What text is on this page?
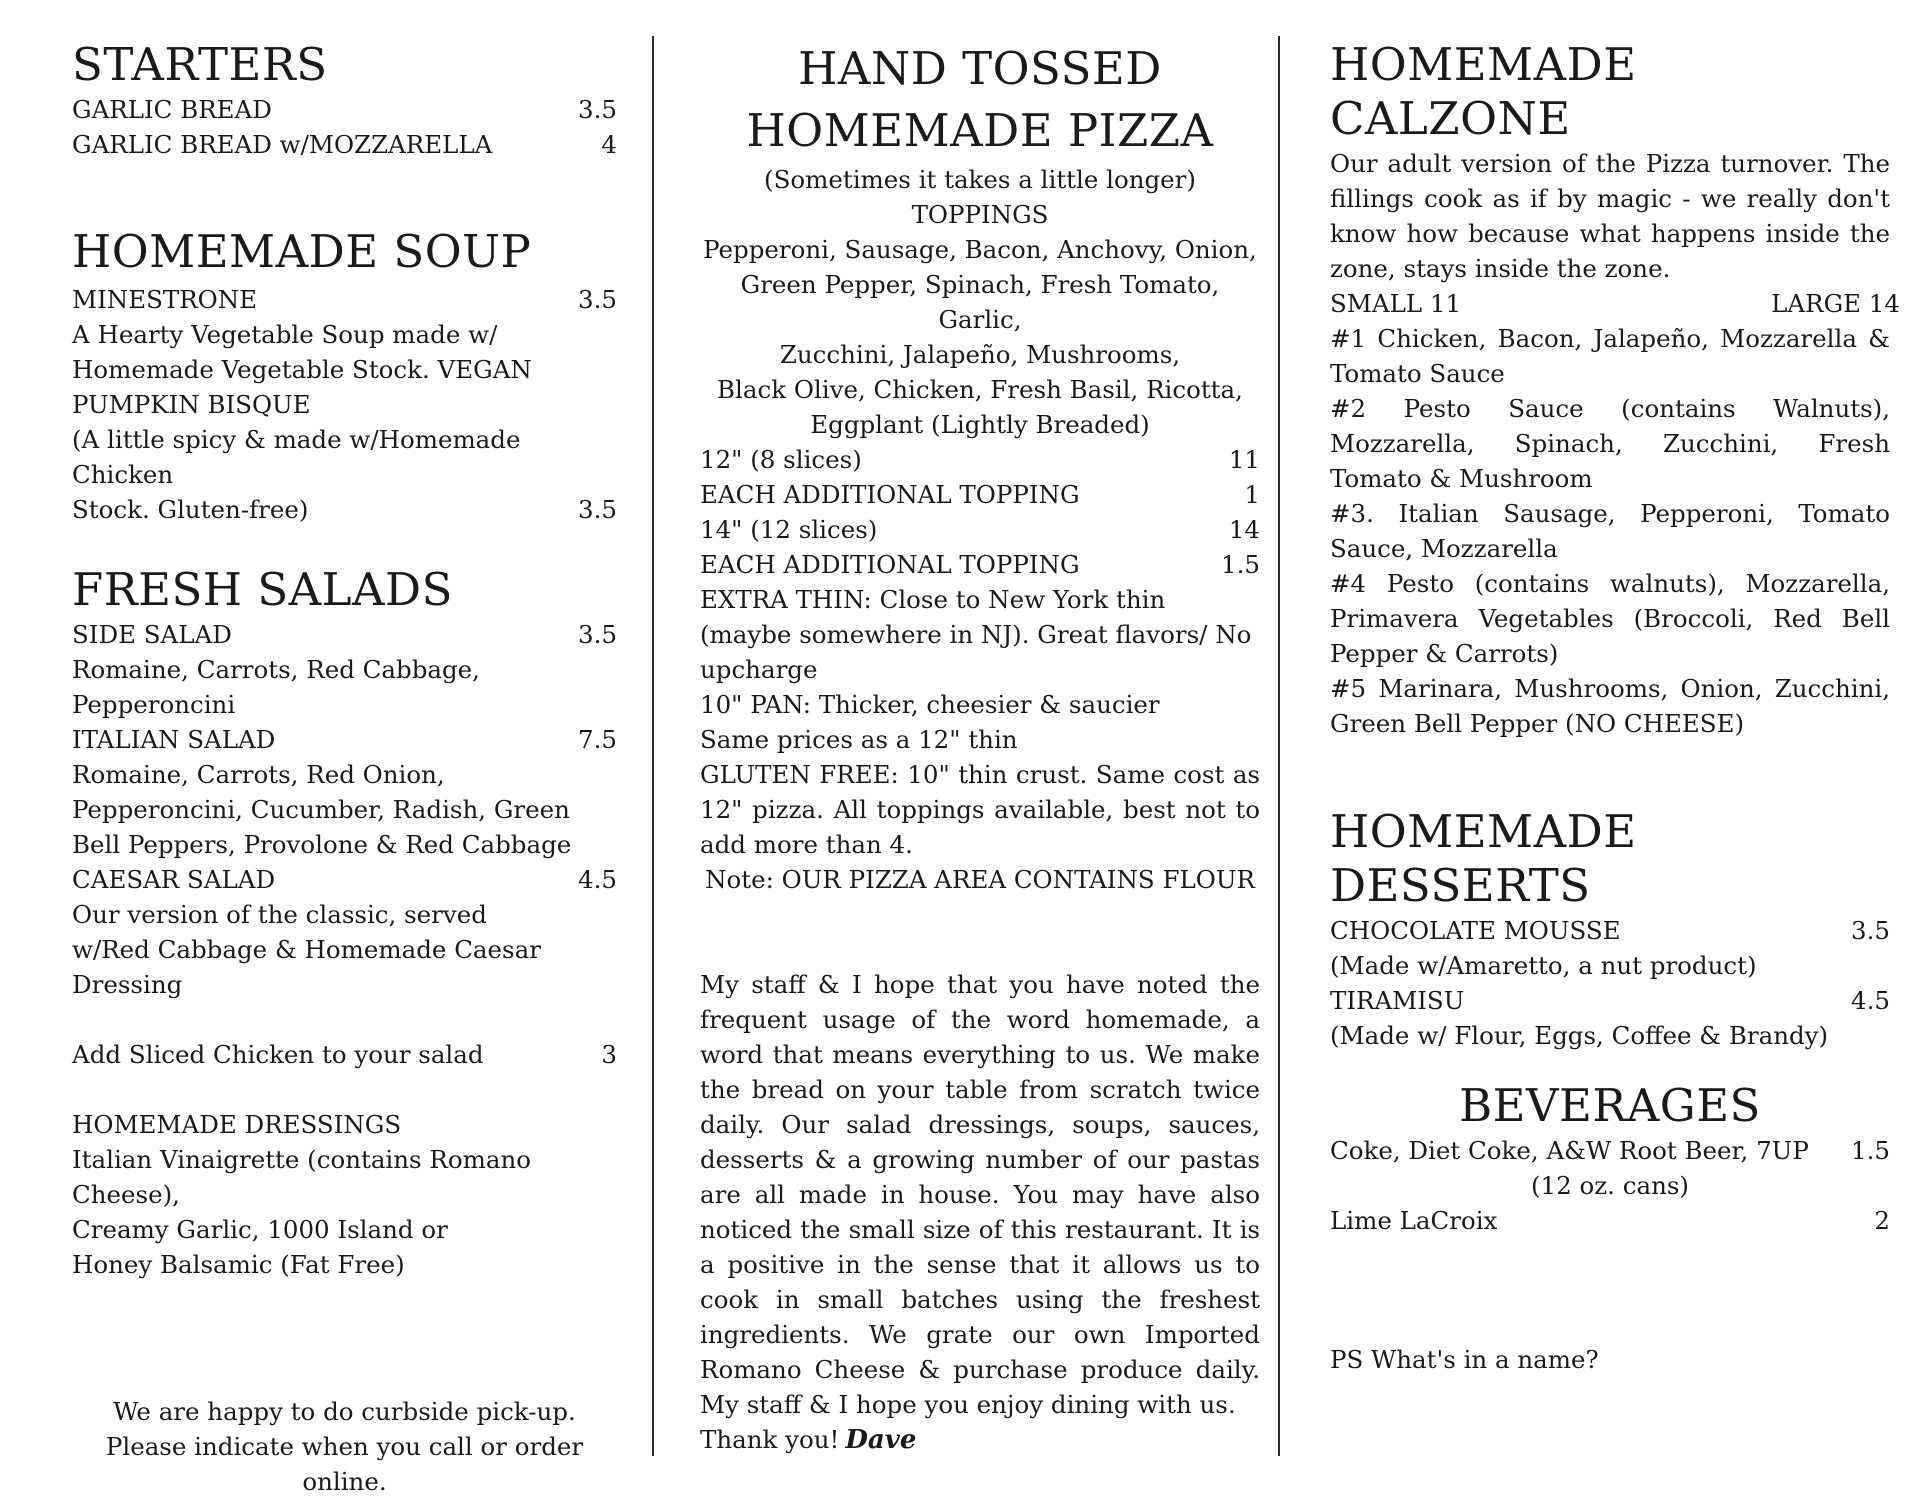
STARTERS
GARLIC BREAD	3.5
GARLIC BREAD w/MOZZARELLA	4
HOMEMADE SOUP
MINESTRONE	3.5
A Hearty Vegetable Soup made w/ Homemade Vegetable Stock. VEGAN
PUMPKIN BISQUE
(A little spicy & made w/Homemade Chicken
Stock. Gluten-free)	3.5
FRESH SALADS
SIDE SALAD	3.5
Romaine, Carrots, Red Cabbage, Pepperoncini
ITALIAN SALAD	7.5
Romaine, Carrots, Red Onion, Pepperoncini, Cucumber, Radish, Green Bell Peppers, Provolone & Red Cabbage
CAESAR SALAD	4.5
Our version of the classic, served w/Red Cabbage & Homemade Caesar Dressing
Add Sliced Chicken to your salad	3
HOMEMADE DRESSINGS
Italian Vinaigrette (contains Romano Cheese),
Creamy Garlic, 1000 Island or
Honey Balsamic (Fat Free)
We are happy to do curbside pick-up.
Please indicate when you call or order online.
HAND TOSSED
HOMEMADE PIZZA
(Sometimes it takes a little longer)
TOPPINGS
Pepperoni, Sausage, Bacon, Anchovy, Onion,
Green Pepper, Spinach, Fresh Tomato, Garlic,
Zucchini, Jalapeño, Mushrooms,
Black Olive, Chicken, Fresh Basil, Ricotta,
Eggplant (Lightly Breaded)
12" (8 slices)	11
EACH ADDITIONAL TOPPING	1
14" (12 slices)	14
EACH ADDITIONAL TOPPING	1.5
EXTRA THIN: Close to New York thin (maybe somewhere in NJ). Great flavors/ No upcharge
10" PAN: Thicker, cheesier & saucier
Same prices as a 12" thin
GLUTEN FREE: 10" thin crust. Same cost as 12" pizza. All toppings available, best not to add more than 4.
Note: OUR PIZZA AREA CONTAINS FLOUR
My staff & I hope that you have noted the frequent usage of the word homemade, a word that means everything to us. We make the bread on your table from scratch twice daily. Our salad dressings, soups, sauces, desserts & a growing number of our pastas are all made in house. You may have also noticed the small size of this restaurant. It is a positive in the sense that it allows us to cook in small batches using the freshest ingredients. We grate our own Imported Romano Cheese & purchase produce daily. My staff & I hope you enjoy dining with us.
Thank you! Dave
HOMEMADE CALZONE
Our adult version of the Pizza turnover. The fillings cook as if by magic - we really don't know how because what happens inside the zone, stays inside the zone.
SMALL 11	LARGE 14
#1 Chicken, Bacon, Jalapeño, Mozzarella & Tomato Sauce
#2 Pesto Sauce (contains Walnuts), Mozzarella, Spinach, Zucchini, Fresh Tomato & Mushroom
#3. Italian Sausage, Pepperoni, Tomato Sauce, Mozzarella
#4 Pesto (contains walnuts), Mozzarella, Primavera Vegetables (Broccoli, Red Bell Pepper & Carrots)
#5 Marinara, Mushrooms, Onion, Zucchini, Green Bell Pepper (NO CHEESE)
HOMEMADE DESSERTS
CHOCOLATE MOUSSE	3.5
(Made w/Amaretto, a nut product)
TIRAMISU	4.5
(Made w/ Flour, Eggs, Coffee & Brandy)
BEVERAGES
Coke, Diet Coke, A&W Root Beer, 7UP 1.5
(12 oz. cans)
Lime LaCroix	2
PS What's in a name?
